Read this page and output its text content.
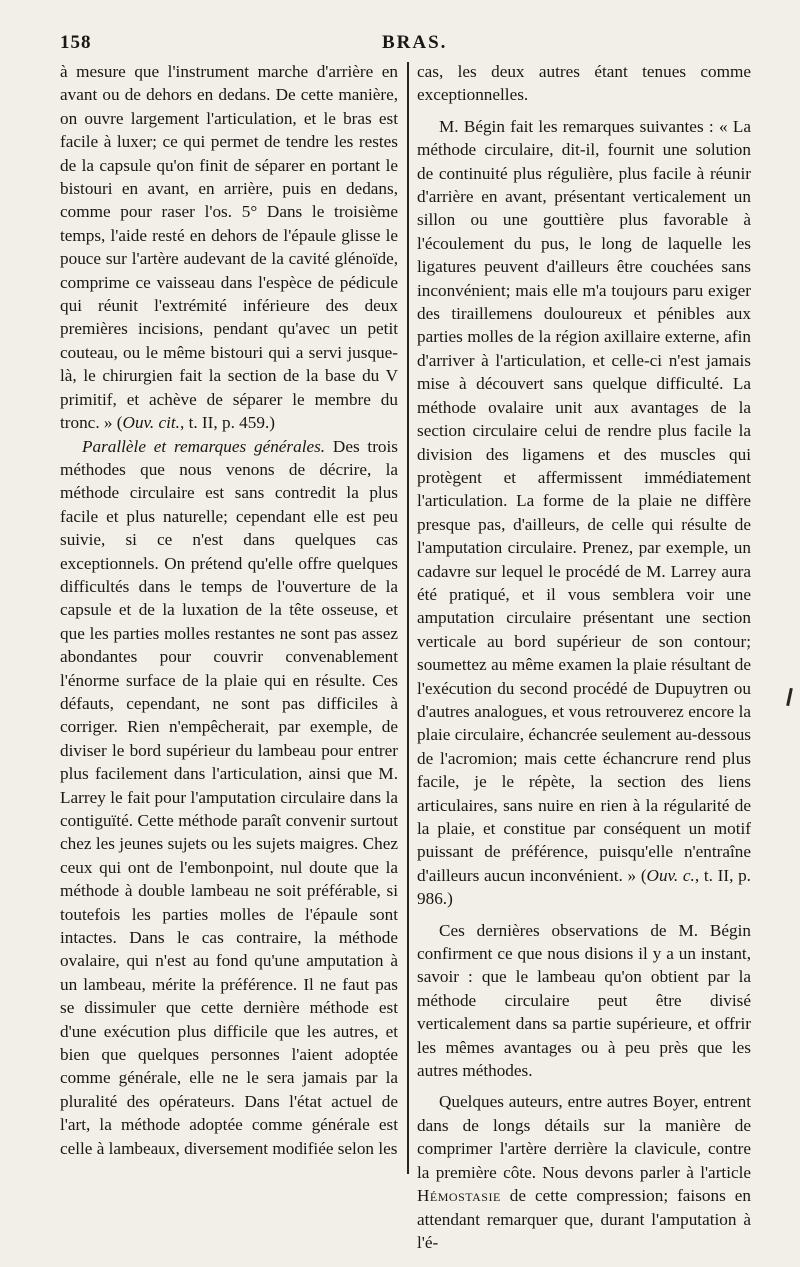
158	BRAS.

à mesure que l'instrument marche d'arrière en avant ou de dehors en dedans. De cette manière, on ouvre largement l'articulation, et le bras est facile à luxer; ce qui permet de tendre les restes de la capsule qu'on finit de séparer en portant le bistouri en avant, en arrière, puis en dedans, comme pour raser l'os. 5° Dans le troisième temps, l'aide resté en dehors de l'épaule glisse le pouce sur l'artère audevant de la cavité glénoïde, comprime ce vaisseau dans l'espèce de pédicule qui réunit l'extrémité inférieure des deux premières incisions, pendant qu'avec un petit couteau, ou le même bistouri qui a servi jusque-là, le chirurgien fait la section de la base du V primitif, et achève de séparer le membre du tronc. » (Ouv. cit., t. II, p. 459.)

Parallèle et remarques générales. Des trois méthodes que nous venons de décrire, la méthode circulaire est sans contredit la plus facile et plus naturelle; cependant elle est peu suivie, si ce n'est dans quelques cas exceptionnels. On prétend qu'elle offre quelques difficultés dans le temps de l'ouverture de la capsule et de la luxation de la tête osseuse, et que les parties molles restantes ne sont pas assez abondantes pour couvrir convenablement l'énorme surface de la plaie qui en résulte. Ces défauts, cependant, ne sont pas difficiles à corriger. Rien n'empêcherait, par exemple, de diviser le bord supérieur du lambeau pour entrer plus facilement dans l'articulation, ainsi que M. Larrey le fait pour l'amputation circulaire dans la contiguïté. Cette méthode paraît convenir surtout chez les jeunes sujets ou les sujets maigres. Chez ceux qui ont de l'embonpoint, nul doute que la méthode à double lambeau ne soit préférable, si toutefois les parties molles de l'épaule sont intactes. Dans le cas contraire, la méthode ovalaire, qui n'est au fond qu'une amputation à un lambeau, mérite la préférence. Il ne faut pas se dissimuler que cette dernière méthode est d'une exécution plus difficile que les autres, et bien que quelques personnes l'aient adoptée comme générale, elle ne le sera jamais par la pluralité des opérateurs. Dans l'état actuel de l'art, la méthode adoptée comme générale est celle à lambeaux, diversement modifiée selon les

cas, les deux autres étant tenues comme exceptionnelles.

M. Bégin fait les remarques suivantes : « La méthode circulaire, dit-il, fournit une solution de continuité plus régulière, plus facile à réunir d'arrière en avant, présentant verticalement un sillon ou une gouttière plus favorable à l'écoulement du pus, le long de laquelle les ligatures peuvent d'ailleurs être couchées sans inconvénient; mais elle m'a toujours paru exiger des tiraillemens douloureux et pénibles aux parties molles de la région axillaire externe, afin d'arriver à l'articulation, et celle-ci n'est jamais mise à découvert sans quelque difficulté. La méthode ovalaire unit aux avantages de la section circulaire celui de rendre plus facile la division des ligamens et des muscles qui protègent et affermissent immédiatement l'articulation. La forme de la plaie ne diffère presque pas, d'ailleurs, de celle qui résulte de l'amputation circulaire. Prenez, par exemple, un cadavre sur lequel le procédé de M. Larrey aura été pratiqué, et il vous semblera voir une amputation circulaire présentant une section verticale au bord supérieur de son contour; soumettez au même examen la plaie résultant de l'exécution du second procédé de Dupuytren ou d'autres analogues, et vous retrouverez encore la plaie circulaire, échancrée seulement au-dessous de l'acromion; mais cette échancrure rend plus facile, je le répète, la section des liens articulaires, sans nuire en rien à la régularité de la plaie, et constitue par conséquent un motif puissant de préférence, puisqu'elle n'entraîne d'ailleurs aucun inconvénient. » (Ouv. c., t. II, p. 986.)

Ces dernières observations de M. Bégin confirment ce que nous disions il y a un instant, savoir : que le lambeau qu'on obtient par la méthode circulaire peut être divisé verticalement dans sa partie supérieure, et offrir les mêmes avantages ou à peu près que les autres méthodes.

Quelques auteurs, entre autres Boyer, entrent dans de longs détails sur la manière de comprimer l'artère derrière la clavicule, contre la première côte. Nous devons parler à l'article Hémostasie de cette compression; faisons en attendant remarquer que, durant l'amputation à l'é-
